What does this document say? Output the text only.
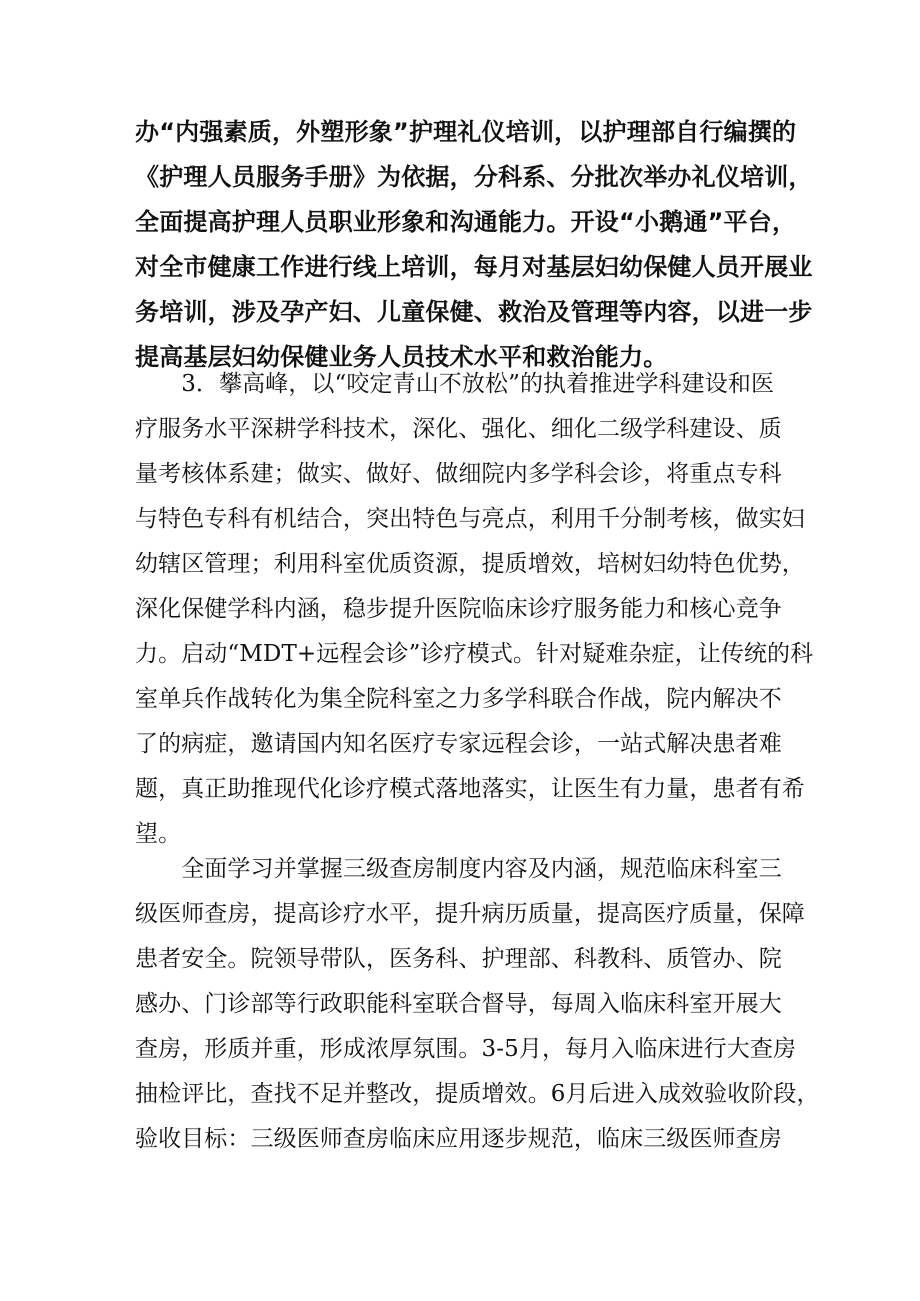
办“内强素质，外塑形象”护理礼仪培训，以护理部自行编撰的
《护理人员服务手册》为依据，分科系、分批次举办礼仪培训，
全面提高护理人员职业形象和沟通能力。开设“小鹅通”平台，
对全市健康工作进行线上培训，每月对基层妇幼保健人员开展业
务培训，涉及孕产妇、儿童保健、救治及管理等内容，以进一步
提高基层妇幼保健业务人员技术水平和救治能力。
　　3．攀高峰，以“咬定青山不放松”的执着推进学科建设和医
疗服务水平深耕学科技术，深化、强化、细化二级学科建设、质
量考核体系建；做实、做好、做细院内多学科会诊，将重点专科
与特色专科有机结合，突出特色与亮点，利用千分制考核，做实妇
幼辖区管理；利用科室优质资源，提质增效，培树妇幼特色优势，
深化保健学科内涵，稳步提升医院临床诊疗服务能力和核心竞争
力。启动“MDT+远程会诊”诊疗模式。针对疑难杂症，让传统的科
室单兵作战转化为集全院科室之力多学科联合作战，院内解决不
了的病症，邀请国内知名医疗专家远程会诊，一站式解决患者难
题，真正助推现代化诊疗模式落地落实，让医生有力量，患者有希
望。
　　全面学习并掌握三级查房制度内容及内涵，规范临床科室三
级医师查房，提高诊疗水平，提升病历质量，提高医疗质量，保障
患者安全。院领导带队，医务科、护理部、科教科、质管办、院
感办、门诊部等行政职能科室联合督导，每周入临床科室开展大
查房，形质并重，形成浓厚氛围。3-5月，每月入临床进行大查房
抽检评比，查找不足并整改，提质增效。6月后进入成效验收阶段，
验收目标：三级医师查房临床应用逐步规范，临床三级医师查房
